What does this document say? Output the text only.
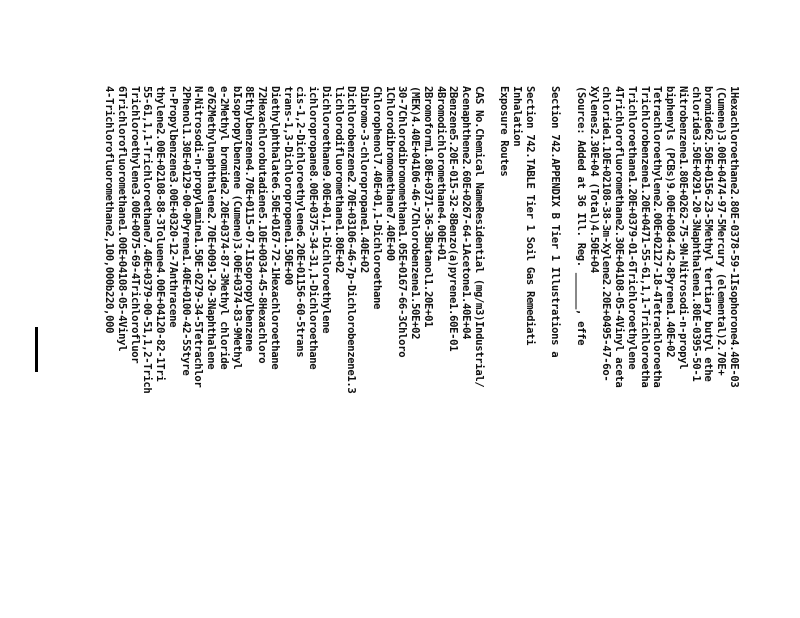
1Hexachloroethane2.80E-0378-59-1Isophorone4.40E-03
(Cumene)3.00E+0474-97-5Mercury (elemental)2.70E+
bromide62.50E+0156-23-5Methyl tertiary butyl ethe
chloride3.50E+0291-20-3Naphthalene1.80E-0395-50-1
Nitrobenzene1.80E+0262-75-9N-Nitrosodi-n-propyl
biphenyls (PCBs)9.00E+0084-42-8Pyrene1.40E+02
Tetrachloroethylene2.00E+02127-18-4Tetrachloroetha
Trichlorobenzene1.20E+0471-55-61,1,1-Trichloroetha
Trichloroethane1.20E+0379-01-6Trichloroethylene
4Trichlorofluoromethane2.30E+04108-05-4Vinyl aceta
chloride1.10E+02108-38-3m-Xylene2.20E+0495-47-6o-
Xylenes2.30E+04 (Total)4.50E+04
(Source: Added at 36 Ill. Reg. ______, effe
Section 742.APPENDIX B Tier 1 Illustrations a
Section 742.TABLE Tier 1 Soil Gas Remediati
Inhalation
Exposure Routes
CAS No.Chemical NameResidential (mg/m3)Industrial/
Acenaphthene2.60E+0267-64-1Acetone1.40E+04
2Benzene5.20E-015-32-8Benzo(a)pyrene1.60E-01
4Bromodichloromethane4.00E+01
2Bromoform1.80E+0371-36-3Butanol1.20E+01
(MEK)4.40E+04106-46-7Chlorobenzene1.50E+02
30-7Chlorodibromomethane1.05E+0167-66-3Chloro
1Chlorodibromomethane7.40E+00
Chlorophenol7.40E+01,1-Dichloroethane
Dibromo-3-chloropropane1.40E+02
Dichlorobenzene2.70E+03106-46-7p-Dichlorobenzene1.3
lichlorodifluoromethane1.80E+02
Dichloroethane9.00E+01,1-Dichloroethylene
ichloropropane8.00E+0375-34-31,1-Dichloroethane
cis-1,2-Dichloroethylene6.20E+01156-60-5trans
trans-1,3-Dichloropropene1.50E+00
Diethylphthalate6.50E+0167-72-1Hexachloroethane
72Hexachlorobutadiene5.10E+0034-45-8Hexachloro
8Ethylbenzene4.70E+0115-07-1Isopropylbenzene
bIsopropylbenzene (Cumene)3.00E+0374-83-9Methyl
e-2Methyl bromide2.20E+0374-87-3Methyl chloride
e762Methylnaphthalene2.70E+0091-20-3Naphthalene
N-Nitrosodi-n-propylamine1.50E-0279-34-5Tetrachlor
2Phenol1.30E+0129-00-0Pyrene1.40E+0100-42-5Styre
n-Propylbenzene3.00E+0320-12-7Anthracene
thylene2.00E+02108-88-3Toluene4.00E+04120-82-1Tri
55-61,1,1-Trichloroethane7.40E+0379-00-51,1,2-Trich
Trichloroethylene3.00E+0075-69-4Trichlorofluor
6Trichlorofluoromethane1.00E+04108-05-4Vinyl
4-Trichlorofluoromethane2,100,000b220,000
